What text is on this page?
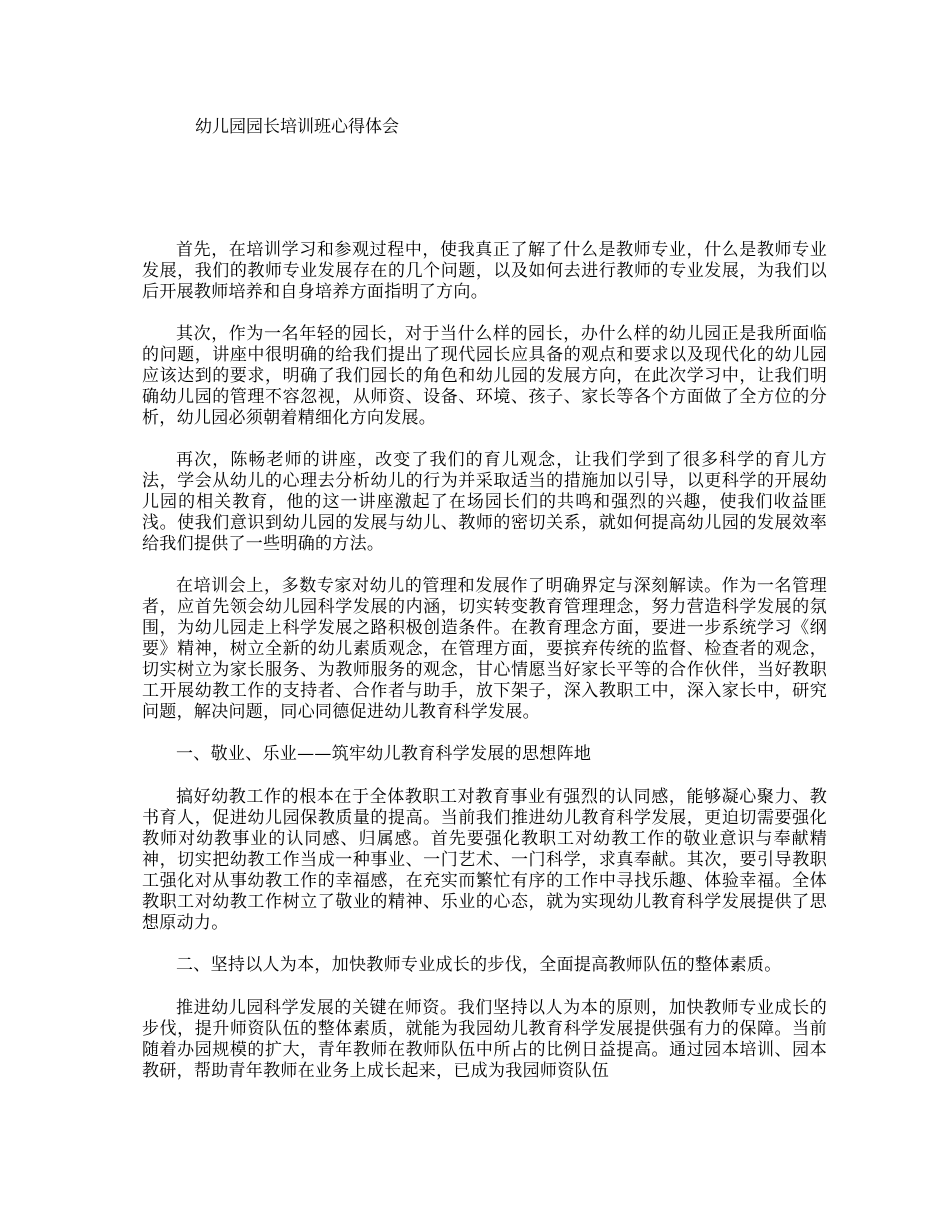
幼儿园园长培训班心得体会

首先，在培训学习和参观过程中，使我真正了解了什么是教师专业，什么是教师专业发展，我们的教师专业发展存在的几个问题，以及如何去进行教师的专业发展，为我们以后开展教师培养和自身培养方面指明了方向。

其次，作为一名年轻的园长，对于当什么样的园长，办什么样的幼儿园正是我所面临的问题，讲座中很明确的给我们提出了现代园长应具备的观点和要求以及现代化的幼儿园应该达到的要求，明确了我们园长的角色和幼儿园的发展方向，在此次学习中，让我们明确幼儿园的管理不容忽视，从师资、设备、环境、孩子、家长等各个方面做了全方位的分析，幼儿园必须朝着精细化方向发展。

再次，陈畅老师的讲座，改变了我们的育儿观念，让我们学到了很多科学的育儿方法，学会从幼儿的心理去分析幼儿的行为并采取适当的措施加以引导，以更科学的开展幼儿园的相关教育，他的这一讲座激起了在场园长们的共鸣和强烈的兴趣，使我们收益匪浅。使我们意识到幼儿园的发展与幼儿、教师的密切关系，就如何提高幼儿园的发展效率给我们提供了一些明确的方法。

在培训会上，多数专家对幼儿的管理和发展作了明确界定与深刻解读。作为一名管理者，应首先领会幼儿园科学发展的内涵，切实转变教育管理理念，努力营造科学发展的氛围，为幼儿园走上科学发展之路积极创造条件。在教育理念方面，要进一步系统学习《纲要》精神，树立全新的幼儿素质观念，在管理方面，要摈弃传统的监督、检查者的观念，切实树立为家长服务、为教师服务的观念，甘心情愿当好家长平等的合作伙伴，当好教职工开展幼教工作的支持者、合作者与助手，放下架子，深入教职工中，深入家长中，研究问题，解决问题，同心同德促进幼儿教育科学发展。

一、敬业、乐业——筑牢幼儿教育科学发展的思想阵地

搞好幼教工作的根本在于全体教职工对教育事业有强烈的认同感，能够凝心聚力、教书育人，促进幼儿园保教质量的提高。当前我们推进幼儿教育科学发展，更迫切需要强化教师对幼教事业的认同感、归属感。首先要强化教职工对幼教工作的敬业意识与奉献精神，切实把幼教工作当成一种事业、一门艺术、一门科学，求真奉献。其次，要引导教职工强化对从事幼教工作的幸福感，在充实而繁忙有序的工作中寻找乐趣、体验幸福。全体教职工对幼教工作树立了敬业的精神、乐业的心态，就为实现幼儿教育科学发展提供了思想原动力。

二、坚持以人为本，加快教师专业成长的步伐，全面提高教师队伍的整体素质。

推进幼儿园科学发展的关键在师资。我们坚持以人为本的原则，加快教师专业成长的步伐，提升师资队伍的整体素质，就能为我园幼儿教育科学发展提供强有力的保障。当前随着办园规模的扩大，青年教师在教师队伍中所占的比例日益提高。通过园本培训、园本教研，帮助青年教师在业务上成长起来，已成为我园师资队伍
